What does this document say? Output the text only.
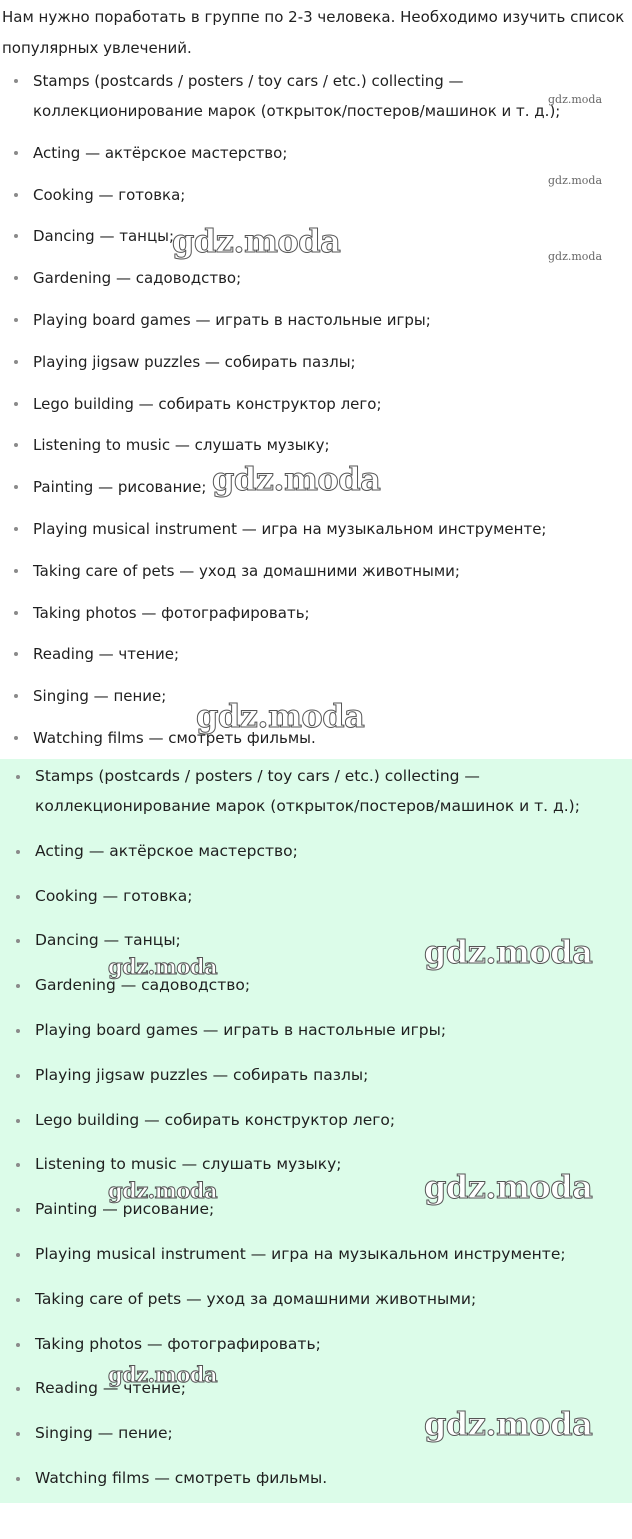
Нам нужно поработать в группе по 2-3 человека. Необходимо изучить список популярных увлечений.

Stamps (postcards / posters / toy cars / etc.) collecting — коллекционирование марок (открыток/постеров/машинок и т. д.);
Acting — актёрское мастерство;
Cooking — готовка;
Dancing — танцы;
Gardening — садоводство;
Playing board games — играть в настольные игры;
Playing jigsaw puzzles — собирать пазлы;
Lego building — собирать конструктор лего;
Listening to music — слушать музыку;
Painting — рисование;
Playing musical instrument — игра на музыкальном инструменте;
Taking care of pets — уход за домашними животными;
Taking photos — фотографировать;
Reading — чтение;
Singing — пение;
Watching films — смотреть фильмы.
Stamps (postcards / posters / toy cars / etc.) collecting — коллекционирование марок (открыток/постеров/машинок и т. д.);
Acting — актёрское мастерство;
Cooking — готовка;
Dancing — танцы;
Gardening — садоводство;
Playing board games — играть в настольные игры;
Playing jigsaw puzzles — собирать пазлы;
Lego building — собирать конструктор лего;
Listening to music — слушать музыку;
Painting — рисование;
Playing musical instrument — игра на музыкальном инструменте;
Taking care of pets — уход за домашними животными;
Taking photos — фотографировать;
Reading — чтение;
Singing — пение;
Watching films — смотреть фильмы.
gdz.moda
gdz.moda
gdz.moda
gdz.moda
gdz.moda
gdz.moda
gdz.moda
gdz.moda
gdz.moda
gdz.moda
gdz.moda
gdz.moda
